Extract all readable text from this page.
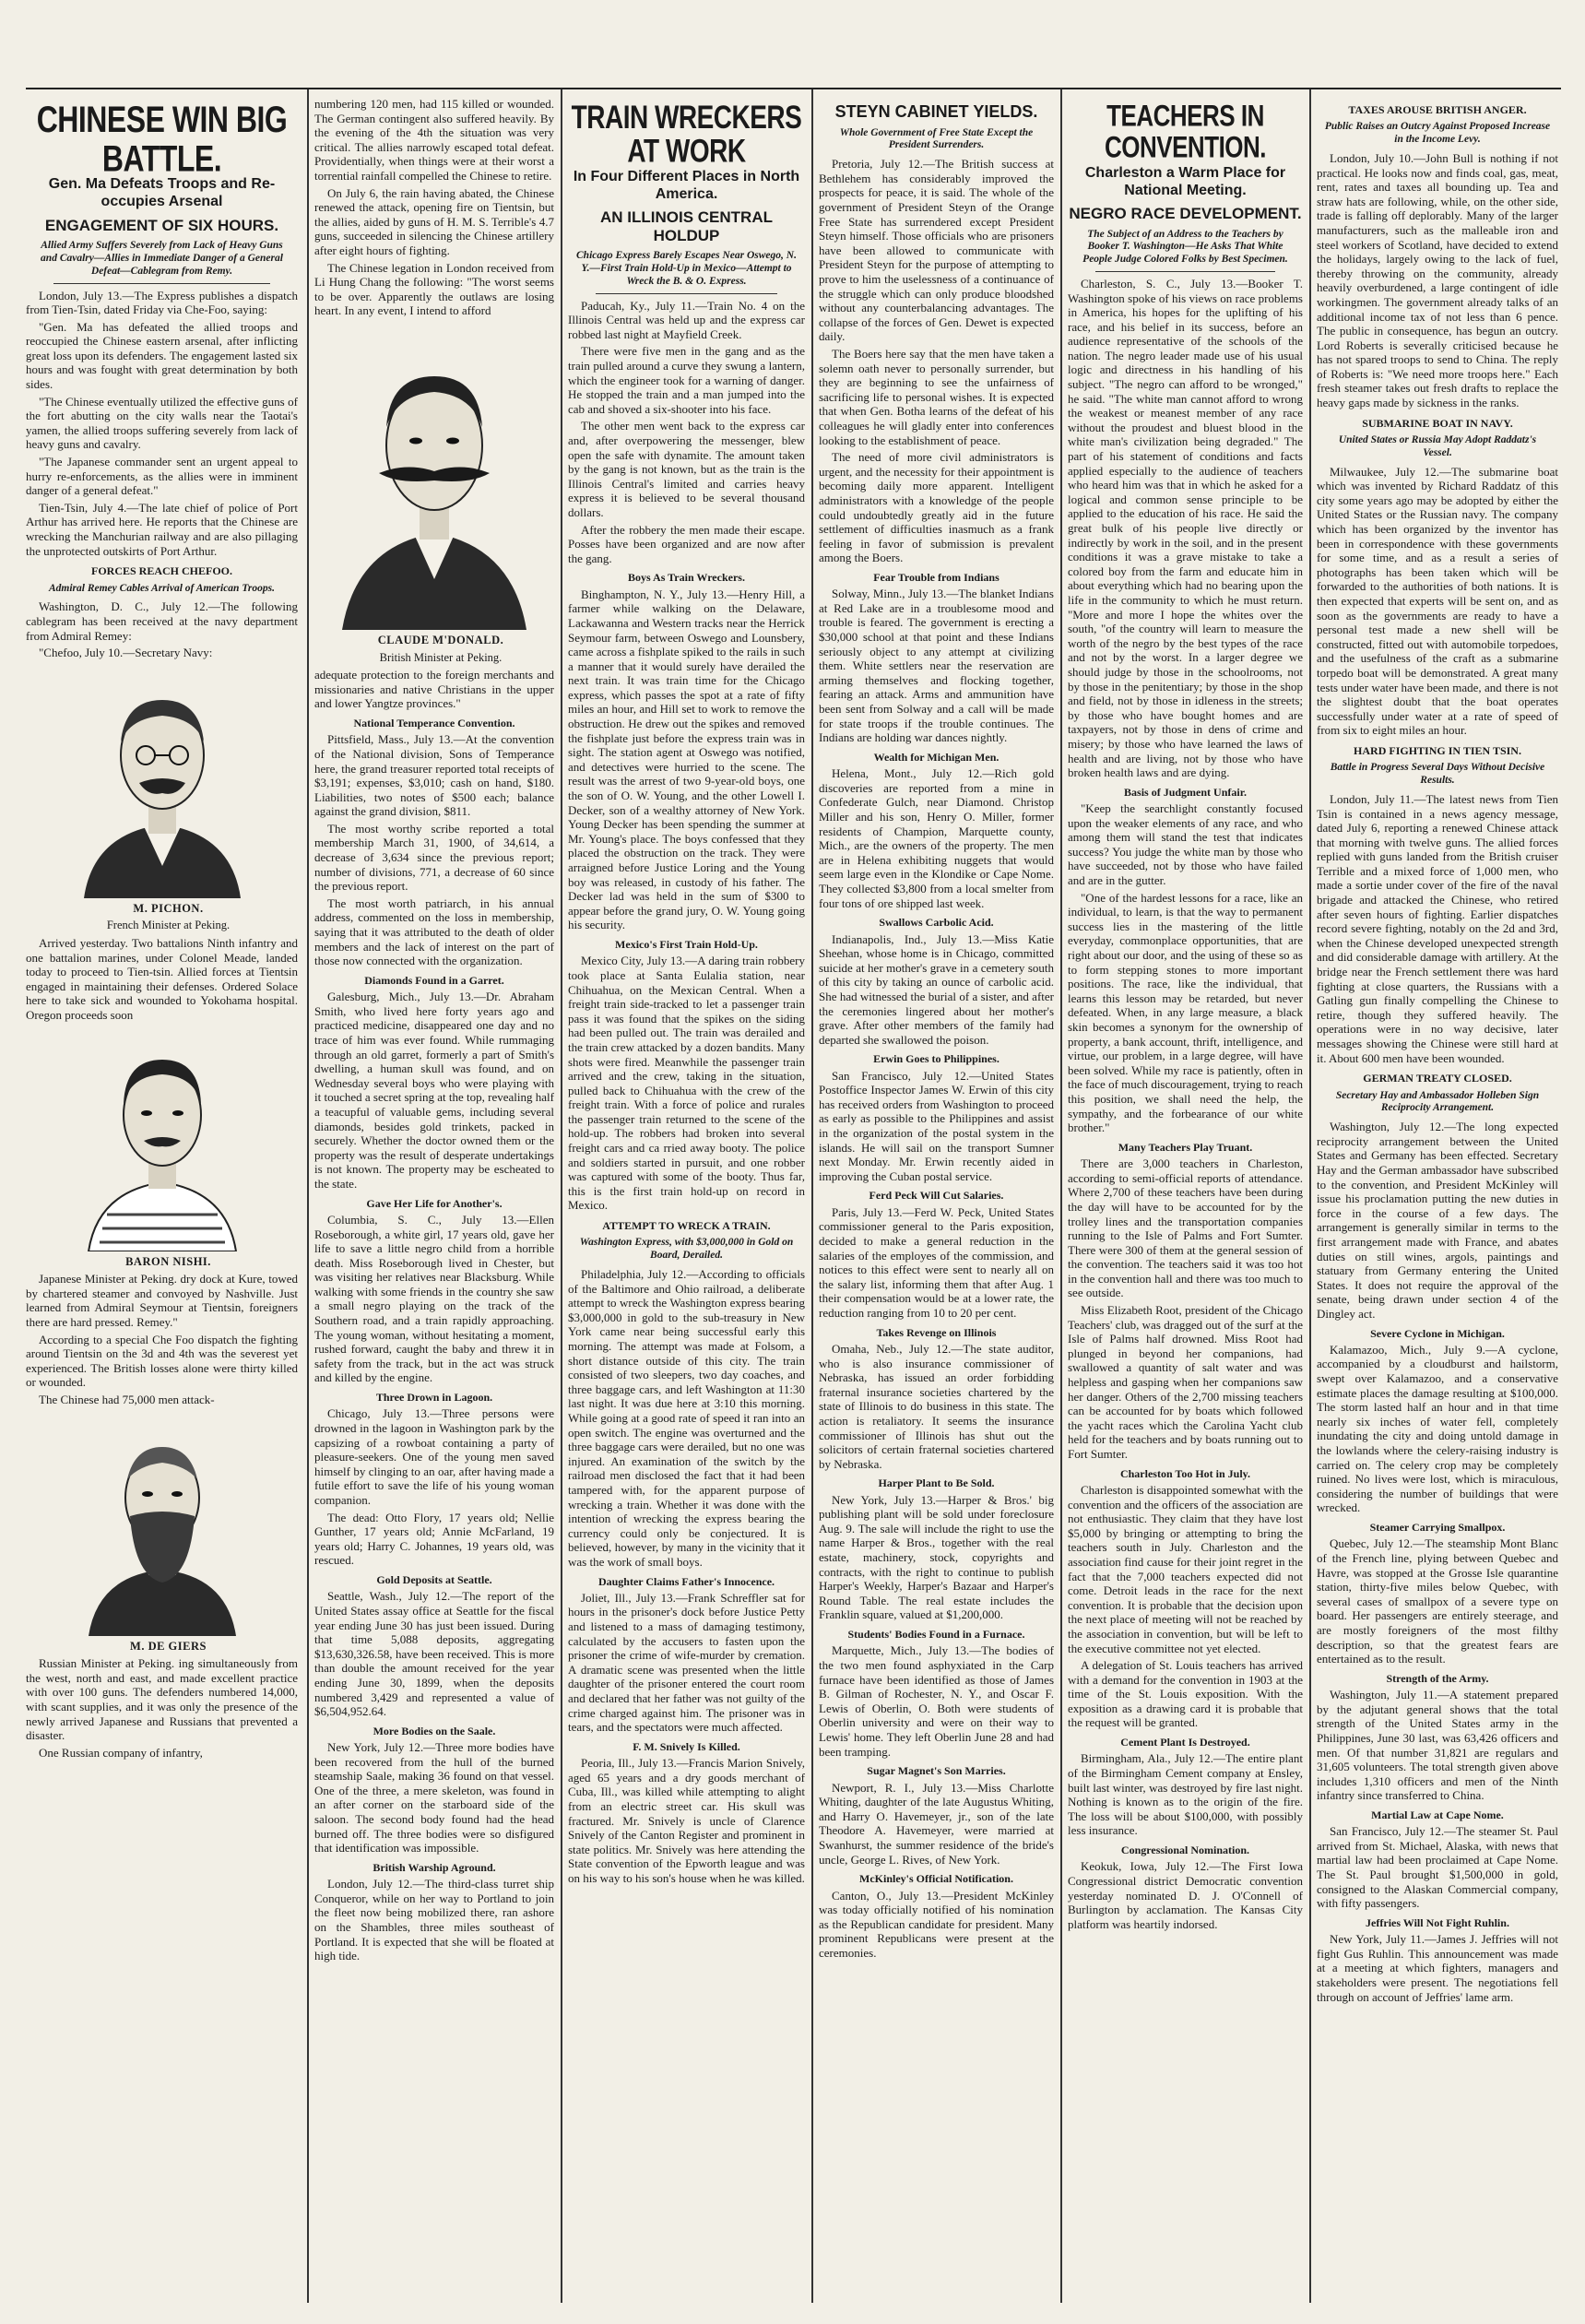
CHINESE WIN BIG BATTLE.
Gen. Ma Defeats Troops and Re-occupies Arsenal
ENGAGEMENT OF SIX HOURS.
Allied Army Suffers Severely from Lack of Heavy Guns and Cavalry—Allies in Immediate Danger of a General Defeat—Cablegram from Remy.

London, July 13.—The Express publishes a dispatch from Tien-Tsin, dated Friday via Che-Foo, saying:

"Gen. Ma has defeated the allied troops and reoccupied the Chinese eastern arsenal, after inflicting great loss upon its defenders. The engagement lasted six hours and was fought with great determination by both sides.

"The Chinese eventually utilized the effective guns of the fort abutting on the city walls near the Taotai's yamen, the allied troops suffering severely from lack of heavy guns and cavalry.

"The Japanese commander sent an urgent appeal to hurry re-enforcements, as the allies were in imminent danger of a general defeat."

Tien-Tsin, July 4.—The late chief of police of Port Arthur has arrived here. He reports that the Chinese are wrecking the Manchurian railway and are also pillaging the unprotected outskirts of Port Arthur.

FORCES REACH CHEFOO.
Admiral Remey Cables Arrival of American Troops.

Washington, D. C., July 12.—The following cablegram has been received at the navy department from Admiral Remey:

"Chefoo, July 10.—Secretary Navy:

M. PICHON.

French Minister at Peking.

Arrived yesterday. Two battalions Ninth infantry and one battalion marines, under Colonel Meade, landed today to proceed to Tien-tsin. Allied forces at Tientsin engaged in maintaining their defenses. Ordered Solace here to take sick and wounded to Yokohama hospital. Oregon proceeds soon

BARON NISHI.

Japanese Minister at Peking. dry dock at Kure, towed by chartered steamer and convoyed by Nashville. Just learned from Admiral Seymour at Tientsin, foreigners there are hard pressed. Remey."

According to a special Che Foo dispatch the fighting around Tientsin on the 3d and 4th was the severest yet experienced. The British losses alone were thirty killed or wounded.

The Chinese had 75,000 men attack-

M. DE GIERS

Russian Minister at Peking. ing simultaneously from the west, north and east, and made excellent practice with over 100 guns. The defenders numbered 14,000, with scant supplies, and it was only the presence of the newly arrived Japanese and Russians that prevented a disaster.

One Russian company of infantry,

numbering 120 men, had 115 killed or wounded. The German contingent also suffered heavily. By the evening of the 4th the situation was very critical. The allies narrowly escaped total defeat. Providentially, when things were at their worst a torrential rainfall compelled the Chinese to retire.

On July 6, the rain having abated, the Chinese renewed the attack, opening fire on Tientsin, but the allies, aided by guns of H. M. S. Terrible's 4.7 guns, succeeded in silencing the Chinese artillery after eight hours of fighting.

The Chinese legation in London received from Li Hung Chang the following: "The worst seems to be over. Apparently the outlaws are losing heart. In any event, I intend to afford

CLAUDE M'DONALD.

British Minister at Peking.

adequate protection to the foreign merchants and missionaries and native Christians in the upper and lower Yangtze provinces."

National Temperance Convention.

Pittsfield, Mass., July 13.—At the convention of the National division, Sons of Temperance here, the grand treasurer reported total receipts of $3,191; expenses, $3,010; cash on hand, $180. Liabilities, two notes of $500 each; balance against the grand division, $811.

The most worthy scribe reported a total membership March 31, 1900, of 34,614, a decrease of 3,634 since the previous report; number of divisions, 771, a decrease of 60 since the previous report.

The most worth patriarch, in his annual address, commented on the loss in membership, saying that it was attributed to the death of older members and the lack of interest on the part of those now connected with the organization.

Diamonds Found in a Garret.

Galesburg, Mich., July 13.—Dr. Abraham Smith, who lived here forty years ago and practiced medicine, disappeared one day and no trace of him was ever found. While rummaging through an old garret, formerly a part of Smith's dwelling, a human skull was found, and on Wednesday several boys who were playing with it touched a secret spring at the top, revealing half a teacupful of valuable gems, including several diamonds, besides gold trinkets, packed in securely. Whether the doctor owned them or the property was the result of desperate undertakings is not known. The property may be escheated to the state.

Gave Her Life for Another's.

Columbia, S. C., July 13.—Ellen Roseborough, a white girl, 17 years old, gave her life to save a little negro child from a horrible death. Miss Roseborough lived in Chester, but was visiting her relatives near Blacksburg. While walking with some friends in the country she saw a small negro playing on the track of the Southern road, and a train rapidly approaching. The young woman, without hesitating a moment, rushed forward, caught the baby and threw it in safety from the track, but in the act was struck and killed by the engine.

Three Drown in Lagoon.

Chicago, July 13.—Three persons were drowned in the lagoon in Washington park by the capsizing of a rowboat containing a party of pleasure-seekers. One of the young men saved himself by clinging to an oar, after having made a futile effort to save the life of his young woman companion.

The dead: Otto Flory, 17 years old; Nellie Gunther, 17 years old; Annie McFarland, 19 years old; Harry C. Johannes, 19 years old, was rescued.

Gold Deposits at Seattle.

Seattle, Wash., July 12.—The report of the United States assay office at Seattle for the fiscal year ending June 30 has just been issued. During that time 5,088 deposits, aggregating $13,630,326.58, have been received. This is more than double the amount received for the year ending June 30, 1899, when the deposits numbered 3,429 and represented a value of $6,504,952.64.

More Bodies on the Saale.

New York, July 12.—Three more bodies have been recovered from the hull of the burned steamship Saale, making 36 found on that vessel. One of the three, a mere skeleton, was found in an after corner on the starboard side of the saloon. The second body found had the head burned off. The three bodies were so disfigured that identification was impossible.

British Warship Aground.

London, July 12.—The third-class turret ship Conqueror, while on her way to Portland to join the fleet now being mobilized there, ran ashore on the Shambles, three miles southeast of Portland. It is expected that she will be floated at high tide.

TRAIN WRECKERS AT WORK
In Four Different Places in North America.
AN ILLINOIS CENTRAL HOLDUP
Chicago Express Barely Escapes Near Oswego, N. Y.—First Train Hold-Up in Mexico—Attempt to Wreck the B. & O. Express.

Paducah, Ky., July 11.—Train No. 4 on the Illinois Central was held up and the express car robbed last night at Mayfield Creek.

There were five men in the gang and as the train pulled around a curve they swung a lantern, which the engineer took for a warning of danger. He stopped the train and a man jumped into the cab and shoved a six-shooter into his face.

The other men went back to the express car and, after overpowering the messenger, blew open the safe with dynamite. The amount taken by the gang is not known, but as the train is the Illinois Central's limited and carries heavy express it is believed to be several thousand dollars.

After the robbery the men made their escape. Posses have been organized and are now after the gang.

Boys As Train Wreckers.

Binghampton, N. Y., July 13.—Henry Hill, a farmer while walking on the Delaware, Lackawanna and Western tracks near the Herrick Seymour farm, between Oswego and Lounsbery, came across a fishplate spiked to the rails in such a manner that it would surely have derailed the next train. It was train time for the Chicago express, which passes the spot at a rate of fifty miles an hour, and Hill set to work to remove the obstruction. He drew out the spikes and removed the fishplate just before the express train was in sight. The station agent at Oswego was notified, and detectives were hurried to the scene. The result was the arrest of two 9-year-old boys, one the son of O. W. Young, and the other Lowell I. Decker, son of a wealthy attorney of New York. Young Decker has been spending the summer at Mr. Young's place. The boys confessed that they placed the obstruction on the track. They were arraigned before Justice Loring and the Young boy was released, in custody of his father. The Decker lad was held in the sum of $300 to appear before the grand jury, O. W. Young going his security.

Mexico's First Train Hold-Up.

Mexico City, July 13.—A daring train robbery took place at Santa Eulalia station, near Chihuahua, on the Mexican Central. When a freight train side-tracked to let a passenger train pass it was found that the spikes on the siding had been pulled out. The train was derailed and the train crew attacked by a dozen bandits. Many shots were fired. Meanwhile the passenger train arrived and the crew, taking in the situation, pulled back to Chihuahua with the crew of the freight train. With a force of police and rurales the passenger train returned to the scene of the hold-up. The robbers had broken into several freight cars and ca rried away booty. The police and soldiers started in pursuit, and one robber was captured with some of the booty. Thus far, this is the first train hold-up on record in Mexico.

ATTEMPT TO WRECK A TRAIN.
Washington Express, with $3,000,000 in Gold on Board, Derailed.

Philadelphia, July 12.—According to officials of the Baltimore and Ohio railroad, a deliberate attempt to wreck the Washington express bearing $3,000,000 in gold to the sub-treasury in New York came near being successful early this morning. The attempt was made at Folsom, a short distance outside of this city. The train consisted of two sleepers, two day coaches, and three baggage cars, and left Washington at 11:30 last night. It was due here at 3:10 this morning. While going at a good rate of speed it ran into an open switch. The engine was overturned and the three baggage cars were derailed, but no one was injured. An examination of the switch by the railroad men disclosed the fact that it had been tampered with, for the apparent purpose of wrecking a train. Whether it was done with the intention of wrecking the express bearing the currency could only be conjectured. It is believed, however, by many in the vicinity that it was the work of small boys.

Daughter Claims Father's Innocence.

Joliet, Ill., July 13.—Frank Schreffler sat for hours in the prisoner's dock before Justice Petty and listened to a mass of damaging testimony, calculated by the accusers to fasten upon the prisoner the crime of wife-murder by cremation. A dramatic scene was presented when the little daughter of the prisoner entered the court room and declared that her father was not guilty of the crime charged against him. The prisoner was in tears, and the spectators were much affected.

F. M. Snively Is Killed.

Peoria, Ill., July 13.—Francis Marion Snively, aged 65 years and a dry goods merchant of Cuba, Ill., was killed while attempting to alight from an electric street car. His skull was fractured. Mr. Snively is uncle of Clarence Snively of the Canton Register and prominent in state politics. Mr. Snively was here attending the State convention of the Epworth league and was on his way to his son's house when he was killed.

STEYN CABINET YIELDS.
Whole Government of Free State Except the President Surrenders.

Pretoria, July 12.—The British success at Bethlehem has considerably improved the prospects for peace, it is said. The whole of the government of President Steyn of the Orange Free State has surrendered except President Steyn himself. Those officials who are prisoners have been allowed to communicate with President Steyn for the purpose of attempting to prove to him the uselessness of a continuance of the struggle which can only produce bloodshed without any counterbalancing advantages. The collapse of the forces of Gen. Dewet is expected daily.

The Boers here say that the men have taken a solemn oath never to personally surrender, but they are beginning to see the unfairness of sacrificing life to personal wishes. It is expected that when Gen. Botha learns of the defeat of his colleagues he will gladly enter into conferences looking to the establishment of peace.

The need of more civil administrators is urgent, and the necessity for their appointment is becoming daily more apparent. Intelligent administrators with a knowledge of the people could undoubtedly greatly aid in the future settlement of difficulties inasmuch as a frank feeling in favor of submission is prevalent among the Boers.

Fear Trouble from Indians

Solway, Minn., July 13.—The blanket Indians at Red Lake are in a troublesome mood and trouble is feared. The government is erecting a $30,000 school at that point and these Indians seriously object to any attempt at civilizing them. White settlers near the reservation are arming themselves and flocking together, fearing an attack. Arms and ammunition have been sent from Solway and a call will be made for state troops if the trouble continues. The Indians are holding war dances nightly.

Wealth for Michigan Men.

Helena, Mont., July 12.—Rich gold discoveries are reported from a mine in Confederate Gulch, near Diamond. Christop Miller and his son, Henry O. Miller, former residents of Champion, Marquette county, Mich., are the owners of the property. The men are in Helena exhibiting nuggets that would seem large even in the Klondike or Cape Nome. They collected $3,800 from a local smelter from four tons of ore shipped last week.

Swallows Carbolic Acid.

Indianapolis, Ind., July 13.—Miss Katie Sheehan, whose home is in Chicago, committed suicide at her mother's grave in a cemetery south of this city by taking an ounce of carbolic acid. She had witnessed the burial of a sister, and after the ceremonies lingered about her mother's grave. After other members of the family had departed she swallowed the poison.

Erwin Goes to Philippines.

San Francisco, July 12.—United States Postoffice Inspector James W. Erwin of this city has received orders from Washington to proceed as early as possible to the Philippines and assist in the organization of the postal system in the islands. He will sail on the transport Sumner next Monday. Mr. Erwin recently aided in improving the Cuban postal service.

Ferd Peck Will Cut Salaries.

Paris, July 13.—Ferd W. Peck, United States commissioner general to the Paris exposition, decided to make a general reduction in the salaries of the employes of the commission, and notices to this effect were sent to nearly all on the salary list, informing them that after Aug. 1 their compensation would be at a lower rate, the reduction ranging from 10 to 20 per cent.

Takes Revenge on Illinois

Omaha, Neb., July 12.—The state auditor, who is also insurance commissioner of Nebraska, has issued an order forbidding fraternal insurance societies chartered by the state of Illinois to do business in this state. The action is retaliatory. It seems the insurance commissioner of Illinois has shut out the solicitors of certain fraternal societies chartered by Nebraska.

Harper Plant to Be Sold.

New York, July 13.—Harper & Bros.' big publishing plant will be sold under foreclosure Aug. 9. The sale will include the right to use the name Harper & Bros., together with the real estate, machinery, stock, copyrights and contracts, with the right to continue to publish Harper's Weekly, Harper's Bazaar and Harper's Round Table. The real estate includes the Franklin square, valued at $1,200,000.

Students' Bodies Found in a Furnace.

Marquette, Mich., July 13.—The bodies of the two men found asphyxiated in the Carp furnace have been identified as those of James B. Gilman of Rochester, N. Y., and Oscar F. Lewis of Oberlin, O. Both were students of Oberlin university and were on their way to Lewis' home. They left Oberlin June 28 and had been tramping.

Sugar Magnet's Son Marries.

Newport, R. I., July 13.—Miss Charlotte Whiting, daughter of the late Augustus Whiting, and Harry O. Havemeyer, jr., son of the late Theodore A. Havemeyer, were married at Swanhurst, the summer residence of the bride's uncle, George L. Rives, of New York.

McKinley's Official Notification.

Canton, O., July 13.—President McKinley was today officially notified of his nomination as the Republican candidate for president. Many prominent Republicans were present at the ceremonies.

TEACHERS IN CONVENTION.
Charleston a Warm Place for National Meeting.
NEGRO RACE DEVELOPMENT.
The Subject of an Address to the Teachers by Booker T. Washington—He Asks That White People Judge Colored Folks by Best Specimen.

Charleston, S. C., July 13.—Booker T. Washington spoke of his views on race problems in America, his hopes for the uplifting of his race, and his belief in its success, before an audience representative of the schools of the nation. The negro leader made use of his usual logic and directness in his handling of his subject. "The negro can afford to be wronged," he said. "The white man cannot afford to wrong the weakest or meanest member of any race without the proudest and bluest blood in the white man's civilization being degraded." The part of his statement of conditions and facts applied especially to the audience of teachers who heard him was that in which he asked for a logical and common sense principle to be applied to the education of his race. He said the great bulk of his people live directly or indirectly by work in the soil, and in the present conditions it was a grave mistake to take a colored boy from the farm and educate him in about everything which had no bearing upon the life in the community to which he must return. "More and more I hope the whites over the south, "of the country will learn to measure the worth of the negro by the best types of the race and not by the worst. In a larger degree we should judge by those in the schoolrooms, not by those in the penitentiary; by those in the shop and field, not by those in idleness in the streets; by those who have bought homes and are taxpayers, not by those in dens of crime and misery; by those who have learned the laws of health and are living, not by those who have broken health laws and are dying.

Basis of Judgment Unfair.

"Keep the searchlight constantly focused upon the weaker elements of any race, and who among them will stand the test that indicates success? You judge the white man by those who have succeeded, not by those who have failed and are in the gutter.

"One of the hardest lessons for a race, like an individual, to learn, is that the way to permanent success lies in the mastering of the little everyday, commonplace opportunities, that are right about our door, and the using of these so as to form stepping stones to more important positions. The race, like the individual, that learns this lesson may be retarded, but never defeated. When, in any large measure, a black skin becomes a synonym for the ownership of property, a bank account, thrift, intelligence, and virtue, our problem, in a large degree, will have been solved. While my race is patiently, often in the face of much discouragement, trying to reach this position, we shall need the help, the sympathy, and the forbearance of our white brother."

Many Teachers Play Truant.

There are 3,000 teachers in Charleston, according to semi-official reports of attendance. Where 2,700 of these teachers have been during the day will have to be accounted for by the trolley lines and the transportation companies running to the Isle of Palms and Fort Sumter. There were 300 of them at the general session of the convention. The teachers said it was too hot in the convention hall and there was too much to see outside.

Miss Elizabeth Root, president of the Chicago Teachers' club, was dragged out of the surf at the Isle of Palms half drowned. Miss Root had plunged in beyond her companions, had swallowed a quantity of salt water and was helpless and gasping when her companions saw her danger. Others of the 2,700 missing teachers can be accounted for by boats which followed the yacht races which the Carolina Yacht club held for the teachers and by boats running out to Fort Sumter.

Charleston Too Hot in July.

Charleston is disappointed somewhat with the convention and the officers of the association are not enthusiastic. They claim that they have lost $5,000 by bringing or attempting to bring the teachers south in July. Charleston and the association find cause for their joint regret in the fact that the 7,000 teachers expected did not come. Detroit leads in the race for the next convention. It is probable that the decision upon the next place of meeting will not be reached by the association in convention, but will be left to the executive committee not yet elected.

A delegation of St. Louis teachers has arrived with a demand for the convention in 1903 at the time of the St. Louis exposition. With the exposition as a drawing card it is probable that the request will be granted.

Cement Plant Is Destroyed.

Birmingham, Ala., July 12.—The entire plant of the Birmingham Cement company at Ensley, built last winter, was destroyed by fire last night. Nothing is known as to the origin of the fire. The loss will be about $100,000, with possibly less insurance.

Congressional Nomination.

Keokuk, Iowa, July 12.—The First Iowa Congressional district Democratic convention yesterday nominated D. J. O'Connell of Burlington by acclamation. The Kansas City platform was heartily indorsed.

TAXES AROUSE BRITISH ANGER.
Public Raises an Outcry Against Proposed Increase in the Income Levy.

London, July 10.—John Bull is nothing if not practical. He looks now and finds coal, gas, meat, rent, rates and taxes all bounding up. Tea and straw hats are following, while, on the other side, trade is falling off deplorably. Many of the larger manufacturers, such as the malleable iron and steel workers of Scotland, have decided to extend the holidays, largely owing to the lack of fuel, thereby throwing on the community, already heavily overburdened, a large contingent of idle workingmen. The government already talks of an additional income tax of not less than 6 pence. The public in consequence, has begun an outcry. Lord Roberts is severally criticised because he has not spared troops to send to China. The reply of Roberts is: "We need more troops here." Each fresh steamer takes out fresh drafts to replace the heavy gaps made by sickness in the ranks.

SUBMARINE BOAT IN NAVY.
United States or Russia May Adopt Raddatz's Vessel.

Milwaukee, July 12.—The submarine boat which was invented by Richard Raddatz of this city some years ago may be adopted by either the United States or the Russian navy. The company which has been organized by the inventor has been in correspondence with these governments for some time, and as a result a series of photographs has been taken which will be forwarded to the authorities of both nations. It is then expected that experts will be sent on, and as soon as the governments are ready to have a personal test made a new shell will be constructed, fitted out with automobile torpedoes, and the usefulness of the craft as a submarine torpedo boat will be demonstrated. A great many tests under water have been made, and there is not the slightest doubt that the boat operates successfully under water at a rate of speed of from six to eight miles an hour.

HARD FIGHTING IN TIEN TSIN.
Battle in Progress Several Days Without Decisive Results.

London, July 11.—The latest news from Tien Tsin is contained in a news agency message, dated July 6, reporting a renewed Chinese attack that morning with twelve guns. The allied forces replied with guns landed from the British cruiser Terrible and a mixed force of 1,000 men, who made a sortie under cover of the fire of the naval brigade and attacked the Chinese, who retired after seven hours of fighting. Earlier dispatches record severe fighting, notably on the 2d and 3rd, when the Chinese developed unexpected strength and did considerable damage with artillery. At the bridge near the French settlement there was hard fighting at close quarters, the Russians with a Gatling gun finally compelling the Chinese to retire, though they suffered heavily. The operations were in no way decisive, later messages showing the Chinese were still hard at it. About 600 men have been wounded.

GERMAN TREATY CLOSED.
Secretary Hay and Ambassador Holleben Sign Reciprocity Arrangement.

Washington, July 12.—The long expected reciprocity arrangement between the United States and Germany has been effected. Secretary Hay and the German ambassador have subscribed to the convention, and President McKinley will issue his proclamation putting the new duties in force in the course of a few days. The arrangement is generally similar in terms to the first arrangement made with France, and abates duties on still wines, argols, paintings and statuary from Germany entering the United States. It does not require the approval of the senate, being drawn under section 4 of the Dingley act.

Severe Cyclone in Michigan.

Kalamazoo, Mich., July 9.—A cyclone, accompanied by a cloudburst and hailstorm, swept over Kalamazoo, and a conservative estimate places the damage resulting at $100,000. The storm lasted half an hour and in that time nearly six inches of water fell, completely inundating the city and doing untold damage in the lowlands where the celery-raising industry is carried on. The celery crop may be completely ruined. No lives were lost, which is miraculous, considering the number of buildings that were wrecked.

Steamer Carrying Smallpox.

Quebec, July 12.—The steamship Mont Blanc of the French line, plying between Quebec and Havre, was stopped at the Grosse Isle quarantine station, thirty-five miles below Quebec, with several cases of smallpox of a severe type on board. Her passengers are entirely steerage, and are mostly foreigners of the most filthy description, so that the greatest fears are entertained as to the result.

Strength of the Army.

Washington, July 11.—A statement prepared by the adjutant general shows that the total strength of the United States army in the Philippines, June 30 last, was 63,426 officers and men. Of that number 31,821 are regulars and 31,605 volunteers. The total strength given above includes 1,310 officers and men of the Ninth infantry since transferred to China.

Martial Law at Cape Nome.

San Francisco, July 12.—The steamer St. Paul arrived from St. Michael, Alaska, with news that martial law had been proclaimed at Cape Nome. The St. Paul brought $1,500,000 in gold, consigned to the Alaskan Commercial company, with fifty passengers.

Jeffries Will Not Fight Ruhlin.

New York, July 11.—James J. Jeffries will not fight Gus Ruhlin. This announcement was made at a meeting at which fighters, managers and stakeholders were present. The negotiations fell through on account of Jeffries' lame arm.
